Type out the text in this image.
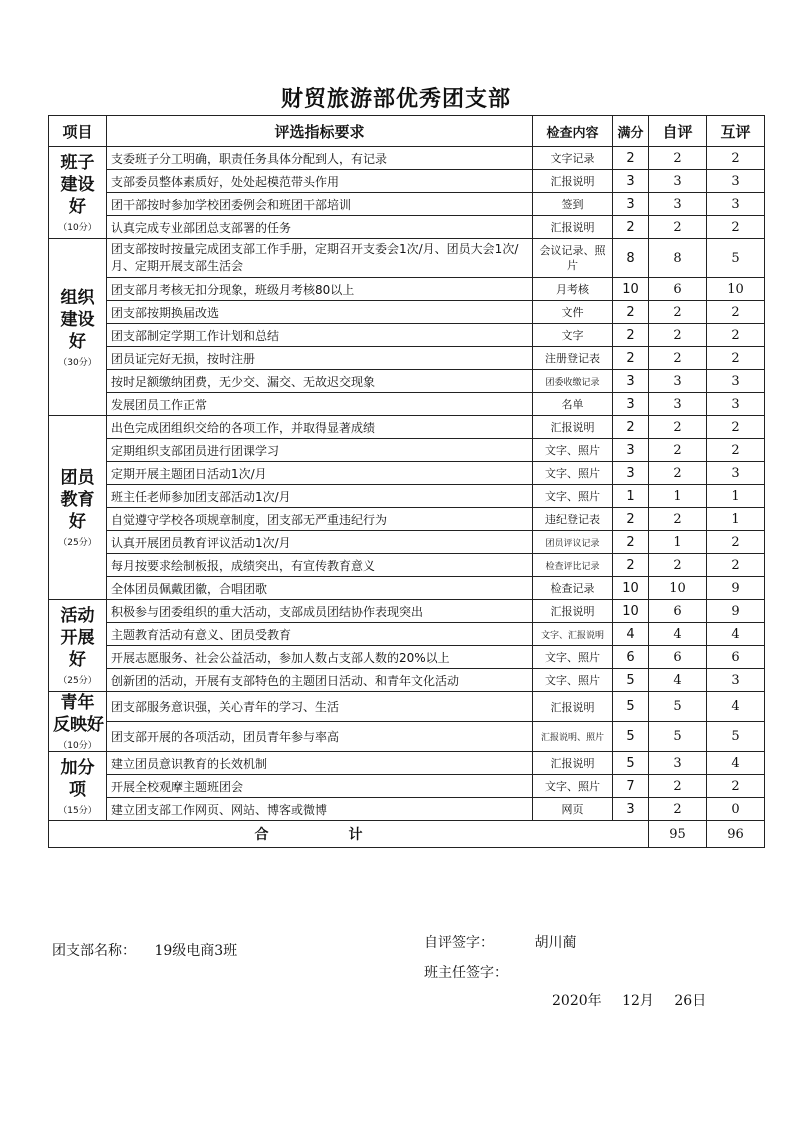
财贸旅游部优秀团支部
项目	评选指标要求	检查内容	满分	自评	互评

班子
建设
好
（10分）	支委班子分工明确，职责任务具体分配到人，有记录	文字记录	2	2	2
	支部委员整体素质好，处处起模范带头作用	汇报说明	3	3	3
	团干部按时参加学校团委例会和班团干部培训	签到	3	3	3
	认真完成专业部团总支部署的任务	汇报说明	2	2	2

组织
建设
好
（30分）	团支部按时按量完成团支部工作手册，定期召开支委会1次/月、团员大会1次/月、定期开展支部生活会	会议记录、照片	8	8	5
	团支部月考核无扣分现象，班级月考核80以上	月考核	10	6	10
	团支部按期换届改选	文件	2	2	2
	团支部制定学期工作计划和总结	文字	2	2	2
	团员证完好无损，按时注册	注册登记表	2	2	2
	按时足额缴纳团费，无少交、漏交、无故迟交现象	团委收缴记录	3	3	3
	发展团员工作正常	名单	3	3	3

团员
教育
好
（25分）	出色完成团组织交给的各项工作，并取得显著成绩	汇报说明	2	2	2
	定期组织支部团员进行团课学习	文字、照片	3	2	2
	定期开展主题团日活动1次/月	文字、照片	3	2	3
	班主任老师参加团支部活动1次/月	文字、照片	1	1	1
	自觉遵守学校各项规章制度，团支部无严重违纪行为	违纪登记表	2	2	1
	认真开展团员教育评议活动1次/月	团员评议记录	2	1	2
	每月按要求绘制板报，成绩突出，有宣传教育意义	检查评比记录	2	2	2
	全体团员佩戴团徽，合唱团歌	检查记录	10	10	9

活动
开展
好
（25分）	积极参与团委组织的重大活动，支部成员团结协作表现突出	汇报说明	10	6	9
	主题教育活动有意义、团员受教育	文字、汇报说明	4	4	4
	开展志愿服务、社会公益活动，参加人数占支部人数的20%以上	文字、照片	6	6	6
	创新团的活动，开展有支部特色的主题团日活动、和青年文化活动	文字、照片	5	4	3

青年
反映好
（10分）	团支部服务意识强，关心青年的学习、生活	汇报说明	5	5	4
	团支部开展的各项活动，团员青年参与率高	汇报说明、照片	5	5	5

加分
项
（15分）	建立团员意识教育的长效机制	汇报说明	5	3	4
	开展全校观摩主题班团会	文字、照片	7	2	2
	建立团支部工作网页、网站、博客或微博	网页	3	2	0
合计				95	96
团支部名称： 19级电商3班	自评签字：	胡川蔺
班主任签字：
2020年 12月 26日
